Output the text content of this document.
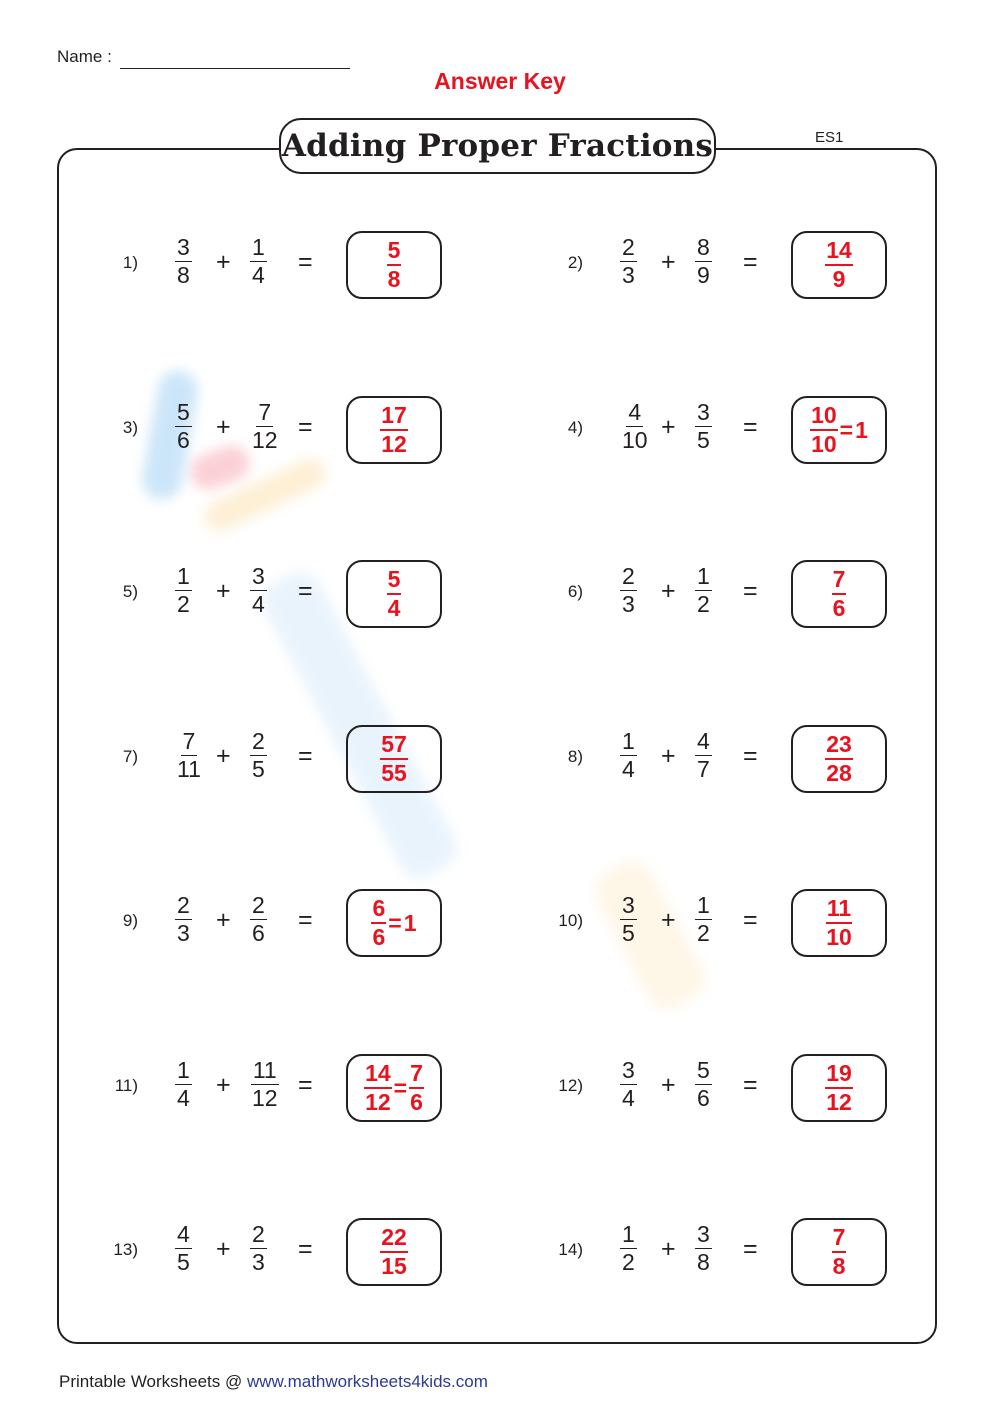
Name :
Answer Key
Adding Proper Fractions	ES1
$1) \frac{3}{8} + \frac{1}{4}$ =	$\frac{5}{8}$	$2) \frac{2}{3} + \frac{8}{9}$ =	$\frac{14}{9}$
$3) \frac{5}{6} + \frac{7}{12}$ =	$\frac{17}{12}$	$4) \frac{4}{10} + \frac{3}{5} = \frac{10}{10} = 1$
$5) \frac{1}{2} + \frac{3}{4}$ =	$\frac{5}{4}$	$6) \frac{2}{3} + \frac{1}{2}$ =	$\frac{7}{6}$
$7) \frac{7}{11} + \frac{2}{5}$ =	$\frac{57}{55}$	$8) \frac{1}{4} + \frac{4}{7}$ =	$\frac{23}{28}$
$9) \frac{2}{3} + \frac{2}{6}$ =	$\frac{6}{6} = 1$	$10) \frac{3}{5} + \frac{1}{2}$ =	$\frac{11}{10}$
$11) \frac{1}{4} + \frac{11}{12} = \frac{14}{12} = \frac{7}{6}$	$12) \frac{3}{4} + \frac{5}{6}$ =	$\frac{19}{12}$
$13) \frac{4}{5} + \frac{2}{3}$ =	$\frac{22}{15}$	$14) \frac{1}{2} + \frac{3}{8}$ =	$\frac{7}{8}$
Printable Worksheets @ www.mathworksheets4kids.com
